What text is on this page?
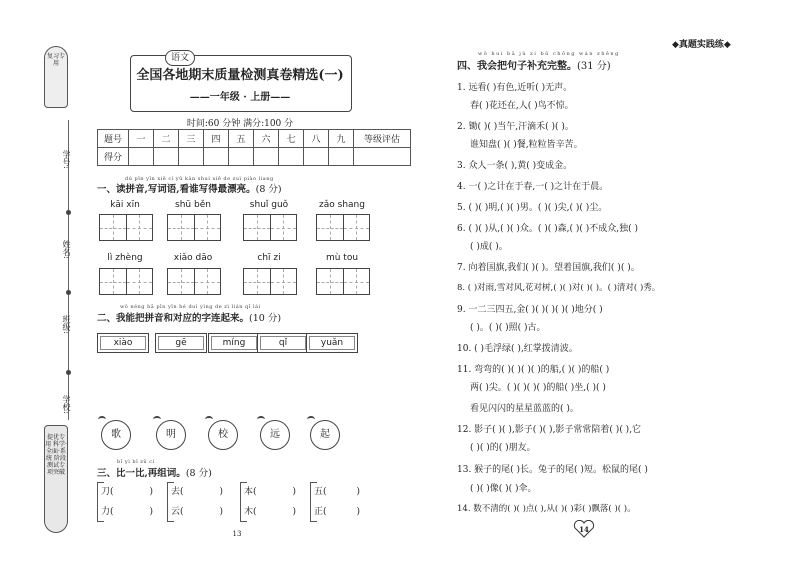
复习专用
学号:
姓名:
班级:
学校:
提优专用 科学·全面·系统 阶段测试专项突破
语文
全国各地期末质量检测真卷精选(一)
——一年级 · 上册——
时间:60 分钟 满分:100 分
题号	一	二	三	四	五	六	七	八	九	等级评估
得分										
dú pīn yīn xiě cí yǔ kàn shuí xiě de zuì piào liang
一、读拼音,写词语,看谁写得最漂亮。(8 分)
kāi xīn	shū běn	shuǐ guǒ	zǎo shang
lì zhèng	xiǎo dāo	chī zi	mù tou
wǒ néng bǎ pīn yīn hé duì yìng de zì lián qǐ lái
二、我能把拼音和对应的字连起来。(10 分)
xiào	gē	míng	qǐ	yuǎn
歌	明	校	远	起
bǐ yì bǐ zǔ cí
三、比一比,再组词。(8 分)
刀(	)
力(	)
去(	)
云(	)
本(	)
木(	)
五(	)
正(	)
13
◆真题实践练◆
wǒ huì bǎ jù zi bǔ chōng wán zhěng
四、我会把句子补充完整。(31 分)
1. 远看( )有色,近听( )无声。
春( )花还在,人( )鸟不惊。
2. 锄( )( )当午,汗滴禾( )( )。
谁知盘( )( )餐,粒粒皆辛苦。
3. 众人一条( ),黄( )变成金。
4. 一( )之计在于春,一( )之计在于晨。
5. ( )( )明,( )( )男。( )( )尖,( )( )尘。
6. ( )( )从,( )( )众。( )( )森,( )( )不成众,独( )
( )成( )。
7. 向着国旗,我们( )( )。望着国旗,我们( )( )。
8. ( )对雨,雪对风,花对树,( )( )对( )( )。( )清对( )秀。
9. 一二三四五,金( )( )( )( )( )地分( )
( )。( )( )照( )古。
10. ( )毛浮绿( ),红掌拨清波。
11. 弯弯的( )( )( )( )的船,( )( )的船( )
两( )尖。( )( )( )( )的船( )坐,( )( )
看见闪闪的星星蓝蓝的( )。
12. 影子( )( ),影子( )( ),影子常常陪着( )( ),它
( )( )的( )朋友。
13. 猴子的尾( )长。兔子的尾( )短。松鼠的尾( )
( )( )像( )( )伞。
14. 数不清的( )( )点( ),从( )( )彩( )飘落( )( )。
14
